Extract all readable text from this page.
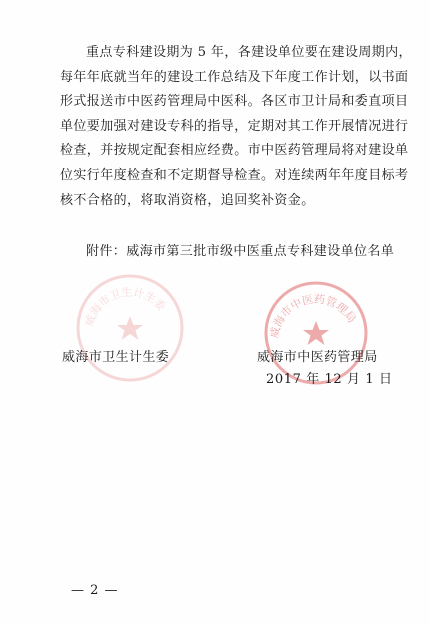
重点专科建设期为 5 年，各建设单位要在建设周期内，
每年年底就当年的建设工作总结及下年度工作计划，以书面
形式报送市中医药管理局中医科。各区市卫计局和委直项目
单位要加强对建设专科的指导，定期对其工作开展情况进行
检查，并按规定配套相应经费。市中医药管理局将对建设单
位实行年度检查和不定期督导检查。对连续两年年度目标考
核不合格的，将取消资格，追回奖补资金。
附件：威海市第三批市级中医重点专科建设单位名单
威海市卫生计生委
威海市中医药管理局
威海市卫生计生委	威海市中医药管理局
2017 年 12 月 1 日
— 2 —
